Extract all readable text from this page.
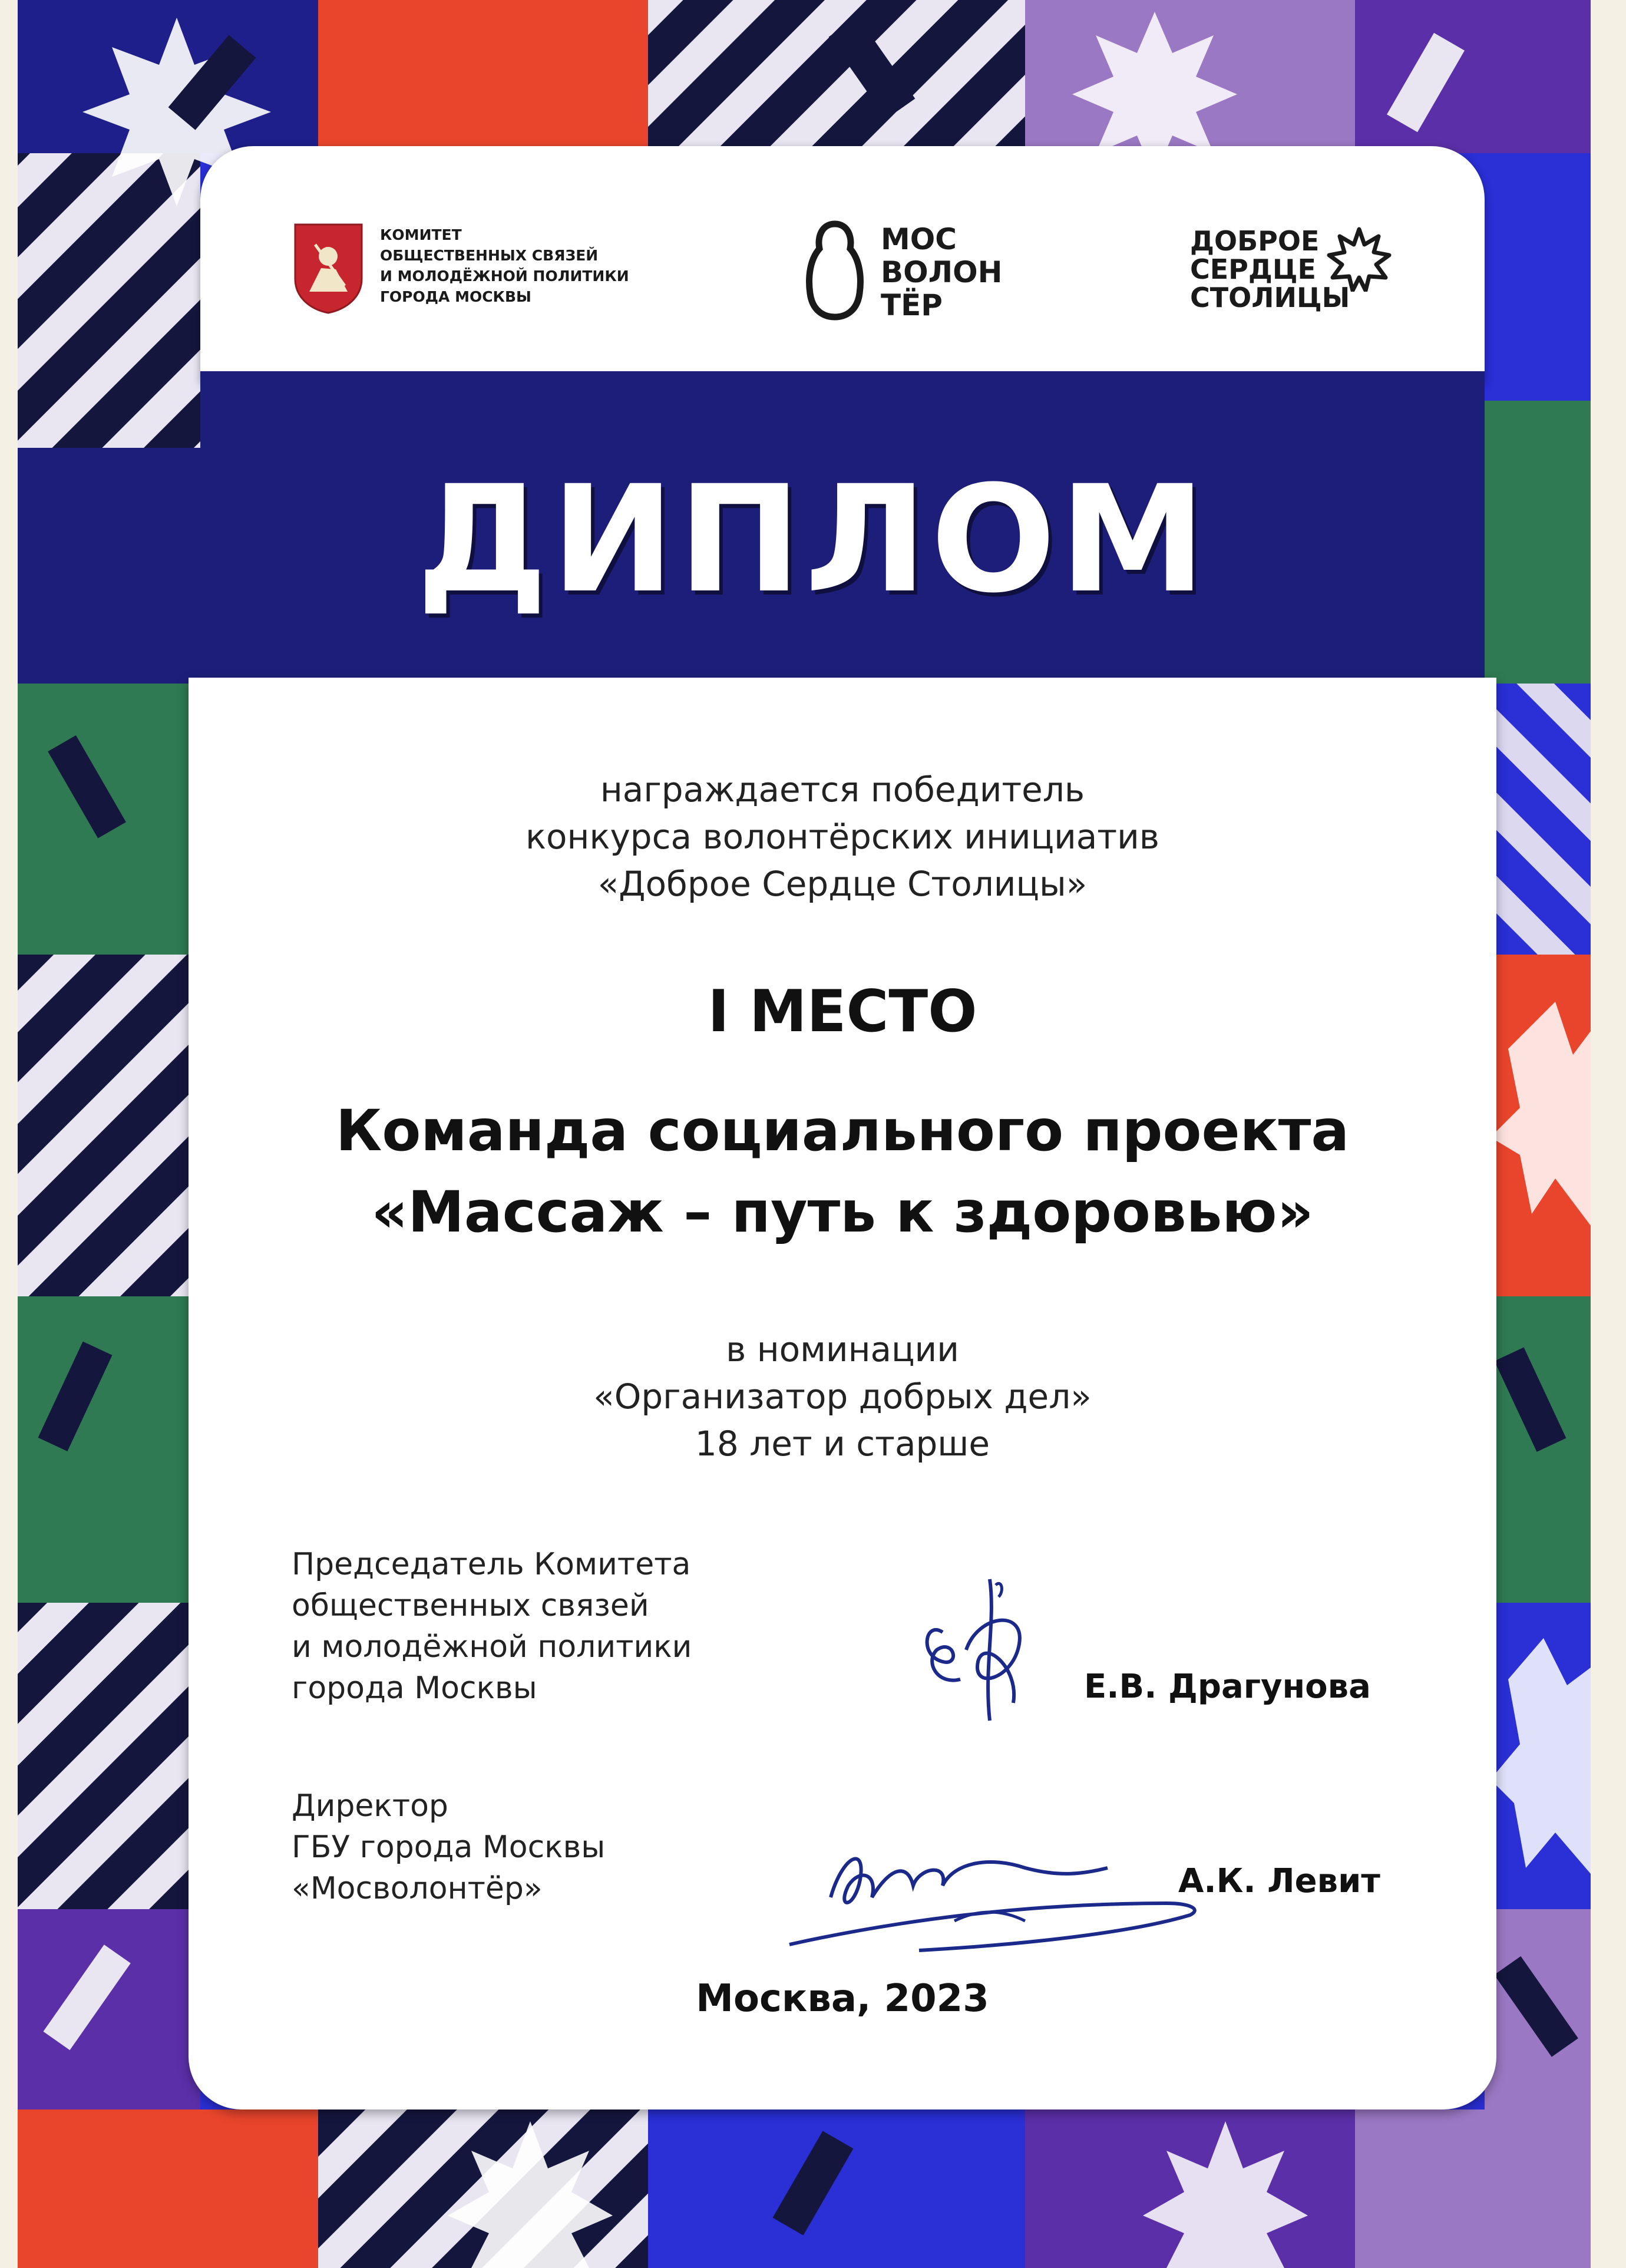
КОМИТЕТ
ОБЩЕСТВЕННЫХ СВЯЗЕЙ
И МОЛОДЁЖНОЙ ПОЛИТИКИ
ГОРОДА МОСКВЫ
МОС
ВОЛОН
ТЁР
ДОБРОЕ
СЕРДЦЕ
СТОЛИЦЫ
ДИПЛОМ
награждается победитель
конкурса волонтёрских инициатив
«Доброе Сердце Столицы»
I МЕСТО
Команда социального проекта
«Массаж – путь к здоровью»
в номинации
«Организатор добрых дел»
18 лет и старше
Председатель Комитета
общественных связей
и молодёжной политики
города Москвы	Е.В. Драгунова
Директор
ГБУ города Москвы
«Мосволонтёр»	А.К. Левит
Москва, 2023
